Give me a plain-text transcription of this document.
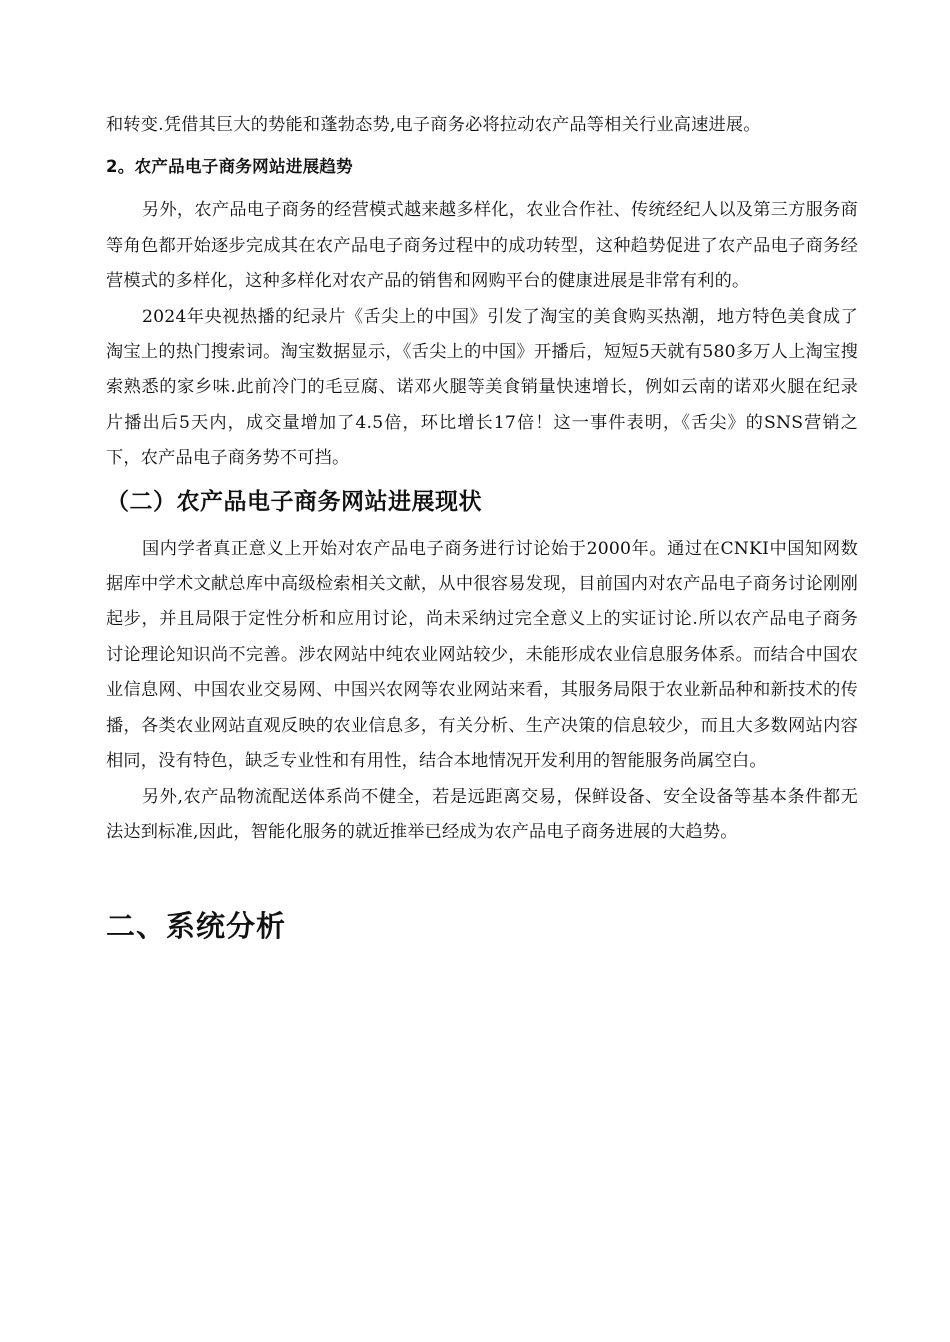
和转变.凭借其巨大的势能和蓬勃态势,电子商务必将拉动农产品等相关行业高速进展。

2。农产品电子商务网站进展趋势

另外，农产品电子商务的经营模式越来越多样化，农业合作社、传统经纪人以及第三方服务商等角色都开始逐步完成其在农产品电子商务过程中的成功转型，这种趋势促进了农产品电子商务经营模式的多样化，这种多样化对农产品的销售和网购平台的健康进展是非常有利的。

2024年央视热播的纪录片《舌尖上的中国》引发了淘宝的美食购买热潮，地方特色美食成了淘宝上的热门搜索词。淘宝数据显示，《舌尖上的中国》开播后，短短5天就有580多万人上淘宝搜索熟悉的家乡味.此前冷门的毛豆腐、诺邓火腿等美食销量快速增长，例如云南的诺邓火腿在纪录片播出后5天内，成交量增加了4.5倍，环比增长17倍！这一事件表明，《舌尖》的SNS营销之下，农产品电子商务势不可挡。

（二）农产品电子商务网站进展现状

国内学者真正意义上开始对农产品电子商务进行讨论始于2000年。通过在CNKI中国知网数据库中学术文献总库中高级检索相关文献，从中很容易发现，目前国内对农产品电子商务讨论刚刚起步，并且局限于定性分析和应用讨论，尚未采纳过完全意义上的实证讨论.所以农产品电子商务讨论理论知识尚不完善。涉农网站中纯农业网站较少，未能形成农业信息服务体系。而结合中国农业信息网、中国农业交易网、中国兴农网等农业网站来看，其服务局限于农业新品种和新技术的传播，各类农业网站直观反映的农业信息多，有关分析、生产决策的信息较少，而且大多数网站内容相同，没有特色，缺乏专业性和有用性，结合本地情况开发利用的智能服务尚属空白。

另外,农产品物流配送体系尚不健全，若是远距离交易，保鲜设备、安全设备等基本条件都无法达到标准,因此，智能化服务的就近推举已经成为农产品电子商务进展的大趋势。

二、系统分析
